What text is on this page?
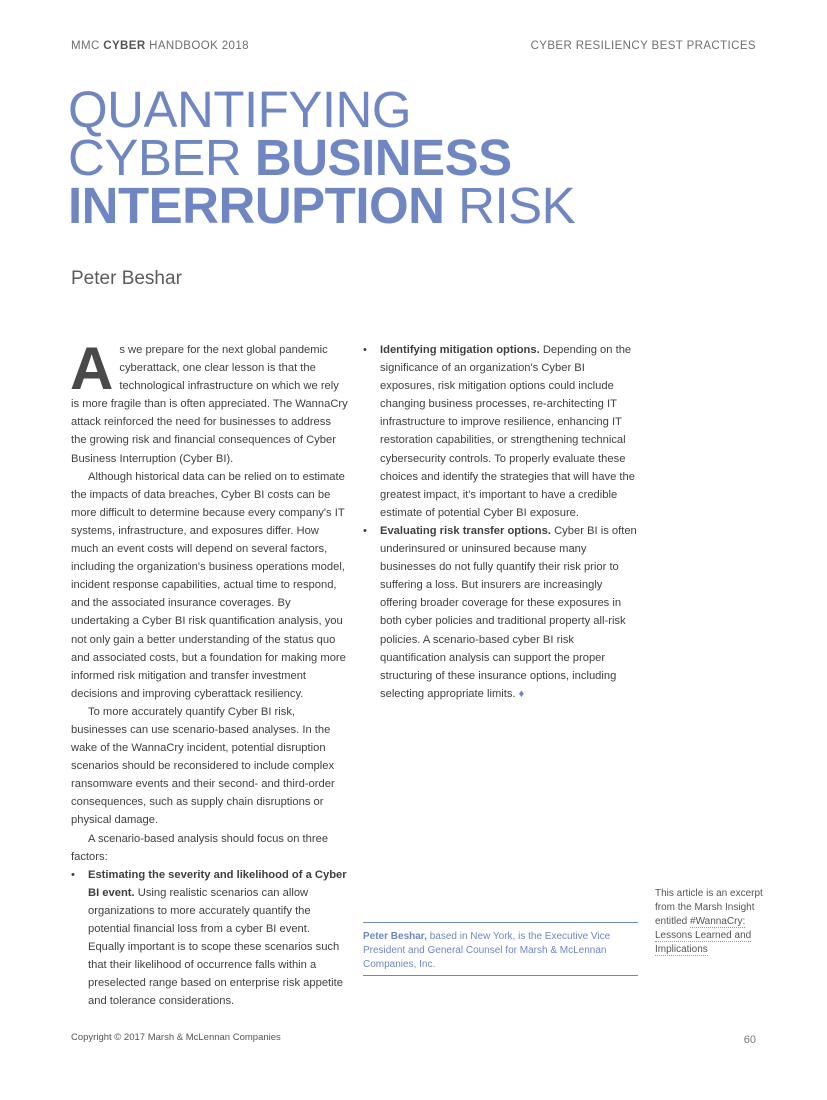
MMC CYBER HANDBOOK 2018	CYBER RESILIENCY BEST PRACTICES
QUANTIFYING
CYBER BUSINESS
INTERRUPTION RISK
Peter Beshar

As we prepare for the next global pandemic cyberattack, one clear lesson is that the technological infrastructure on which we rely is more fragile than is often appreciated. The WannaCry attack reinforced the need for businesses to address the growing risk and financial consequences of Cyber Business Interruption (Cyber BI).

Although historical data can be relied on to estimate the impacts of data breaches, Cyber BI costs can be more difficult to determine because every company's IT systems, infrastructure, and exposures differ. How much an event costs will depend on several factors, including the organization's business operations model, incident response capabilities, actual time to respond, and the associated insurance coverages. By undertaking a Cyber BI risk quantification analysis, you not only gain a better understanding of the status quo and associated costs, but a foundation for making more informed risk mitigation and transfer investment decisions and improving cyberattack resiliency.

To more accurately quantify Cyber BI risk, businesses can use scenario-based analyses. In the wake of the WannaCry incident, potential disruption scenarios should be reconsidered to include complex ransomware events and their second- and third-order consequences, such as supply chain disruptions or physical damage.

A scenario-based analysis should focus on three factors:

• Estimating the severity and likelihood of a Cyber BI event. Using realistic scenarios can allow organizations to more accurately quantify the potential financial loss from a cyber BI event. Equally important is to scope these scenarios such that their likelihood of occurrence falls within a preselected range based on enterprise risk appetite and tolerance considerations.

• Identifying mitigation options. Depending on the significance of an organization's Cyber BI exposures, risk mitigation options could include changing business processes, re-architecting IT infrastructure to improve resilience, enhancing IT restoration capabilities, or strengthening technical cybersecurity controls. To properly evaluate these choices and identify the strategies that will have the greatest impact, it's important to have a credible estimate of potential Cyber BI exposure.

• Evaluating risk transfer options. Cyber BI is often underinsured or uninsured because many businesses do not fully quantify their risk prior to suffering a loss. But insurers are increasingly offering broader coverage for these exposures in both cyber policies and traditional property all-risk policies. A scenario-based cyber BI risk quantification analysis can support the proper structuring of these insurance options, including selecting appropriate limits. ♦

Peter Beshar, based in New York, is the Executive Vice President and General Counsel for Marsh & McLennan Companies, Inc.
This article is an excerpt from the Marsh Insight entitled #WannaCry: Lessons Learned and Implications
Copyright © 2017 Marsh & McLennan Companies	60
